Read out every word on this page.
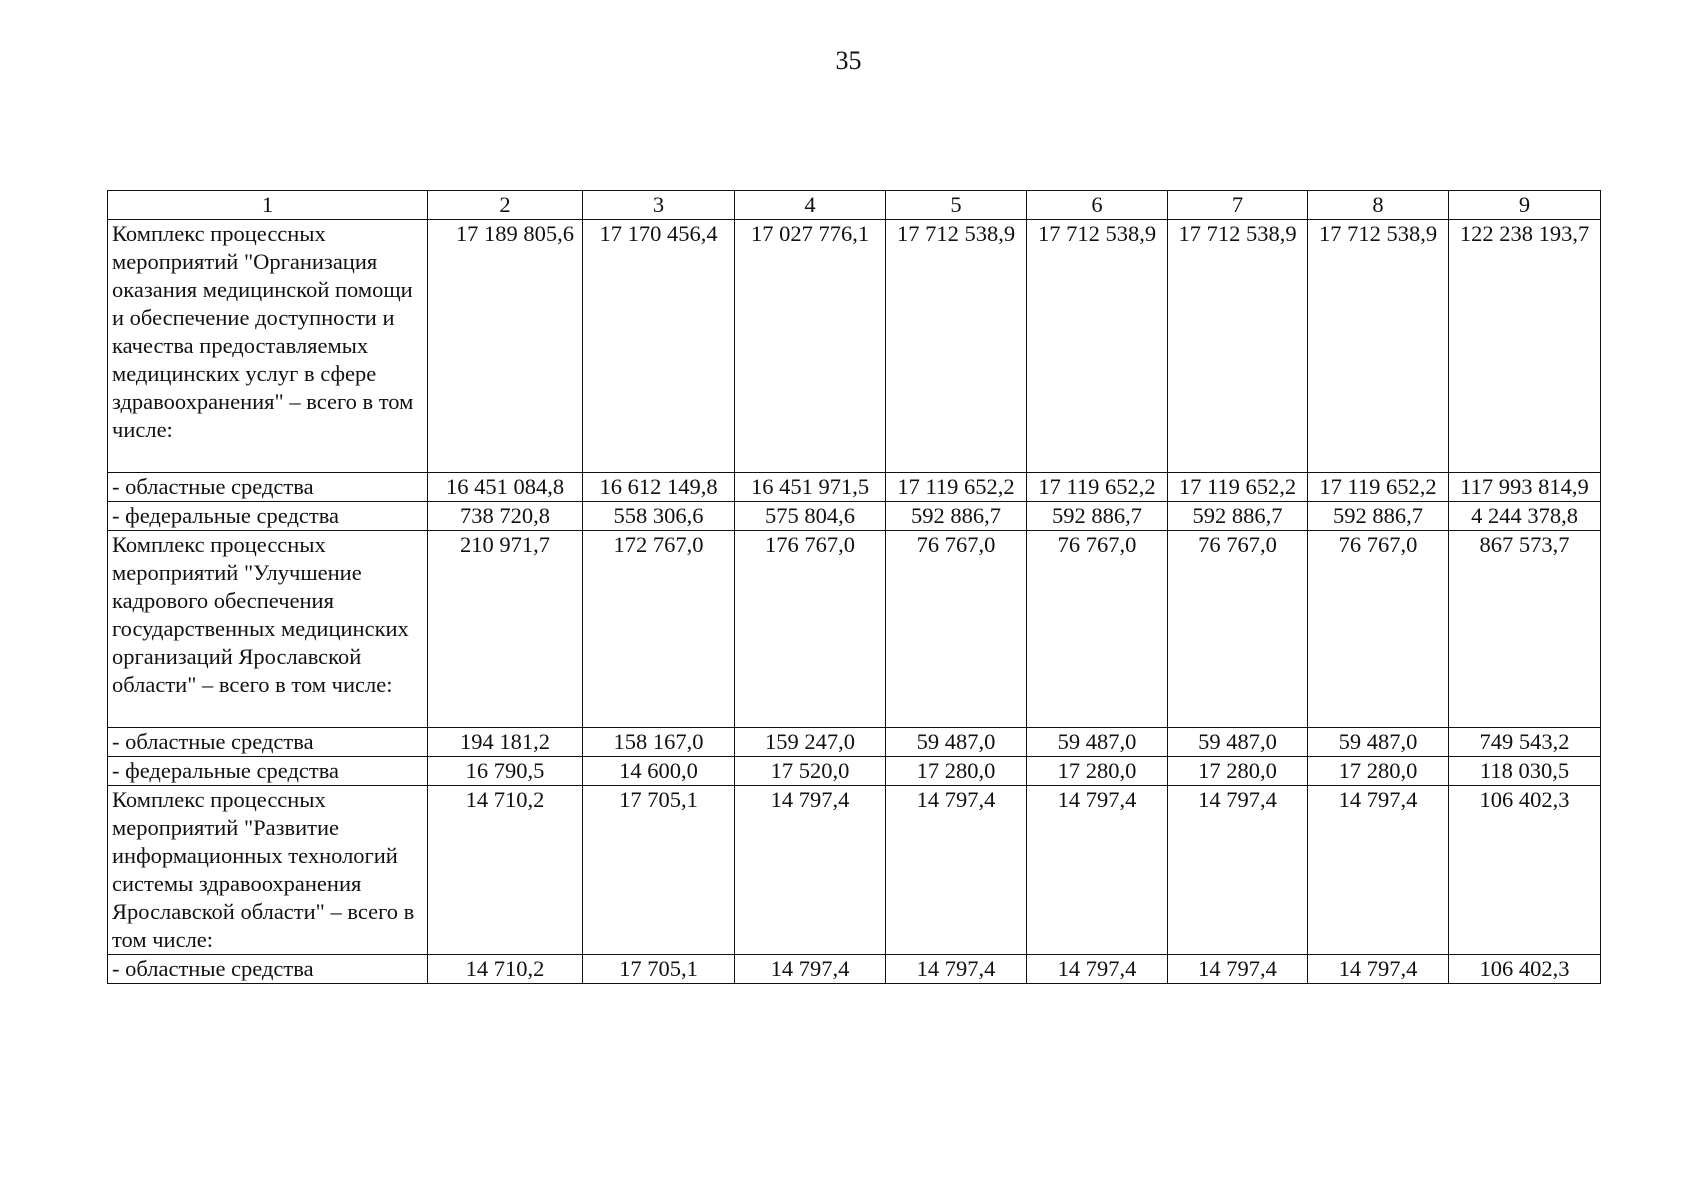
35
1	2	3	4	5	6	7	8	9
Комплекс процессных мероприятий "Организация оказания медицинской помощи и обеспечение доступности и качества предоставляемых медицинских услуг в сфере здравоохранения" – всего в том числе:	17 189 805,6	17 170 456,4	17 027 776,1	17 712 538,9	17 712 538,9	17 712 538,9	17 712 538,9	122 238 193,7
- областные средства	16 451 084,8	16 612 149,8	16 451 971,5	17 119 652,2	17 119 652,2	17 119 652,2	17 119 652,2	117 993 814,9
- федеральные средства	738 720,8	558 306,6	575 804,6	592 886,7	592 886,7	592 886,7	592 886,7	4 244 378,8
Комплекс процессных мероприятий "Улучшение кадрового обеспечения государственных медицинских организаций Ярославской области" – всего в том числе:	210 971,7	172 767,0	176 767,0	76 767,0	76 767,0	76 767,0	76 767,0	867 573,7
- областные средства	194 181,2	158 167,0	159 247,0	59 487,0	59 487,0	59 487,0	59 487,0	749 543,2
- федеральные средства	16 790,5	14 600,0	17 520,0	17 280,0	17 280,0	17 280,0	17 280,0	118 030,5
Комплекс процессных мероприятий "Развитие информационных технологий системы здравоохранения Ярославской области" – всего в том числе:	14 710,2	17 705,1	14 797,4	14 797,4	14 797,4	14 797,4	14 797,4	106 402,3
- областные средства	14 710,2	17 705,1	14 797,4	14 797,4	14 797,4	14 797,4	14 797,4	106 402,3
